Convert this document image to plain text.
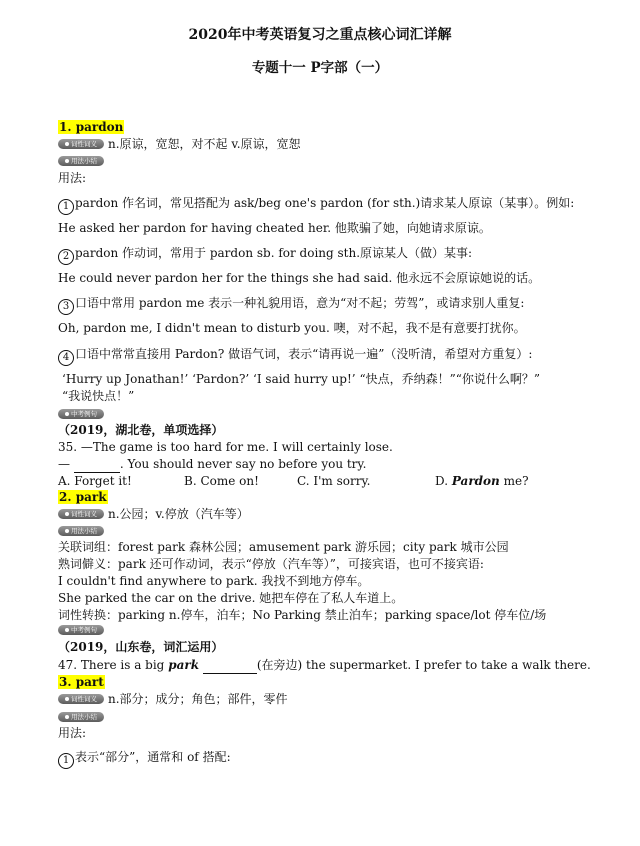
2020年中考英语复习之重点核心词汇详解
专题十一 P字部（一）
1. pardon
词性词义 n.原谅，宽恕，对不起 v.原谅，宽恕
用法小结
用法:
1 pardon 作名词，常见搭配为 ask/beg one's pardon (for sth.)请求某人原谅（某事）。例如:
He asked her pardon for having cheated her. 他欺骗了她，向她请求原谅。
2 pardon 作动词，常用于 pardon sb. for doing sth.原谅某人（做）某事:
He could never pardon her for the things she had said. 他永远不会原谅她说的话。
3 口语中常用 pardon me 表示一种礼貌用语，意为“对不起；劳驾”，或请求别人重复:
Oh, pardon me, I didn't mean to disturb you. 噢，对不起，我不是有意要打扰你。
4 口语中常常直接用 Pardon? 做语气词，表示“请再说一遍”（没听清，希望对方重复）:
‘Hurry up Jonathan!’ ‘Pardon?’ ‘I said hurry up!’ “快点，乔纳森！”“你说什么啊？”
“我说快点！”
中考例句
（2019，湖北卷，单项选择）
35. —The game is too hard for me. I will certainly lose.
—	. You should never say no before you try.
A. Forget it!	B. Come on!	C. I'm sorry.	D. Pardon me?
2. park
词性词义 n.公园；v.停放（汽车等）
用法小结
关联词组：forest park 森林公园；amusement park 游乐园；city park 城市公园
熟词僻义：park 还可作动词，表示“停放（汽车等）”，可接宾语，也可不接宾语:
I couldn't find anywhere to park. 我找不到地方停车。
She parked the car on the drive. 她把车停在了私人车道上。
词性转换：parking n.停车，泊车；No Parking 禁止泊车；parking space/lot 停车位/场
中考例句
（2019，山东卷，词汇运用）
47. There is a big park	(在旁边) the supermarket. I prefer to take a walk there.
3. part
词性词义 n.部分；成分；角色；部件，零件
用法小结
用法:
1 表示“部分”，通常和 of 搭配:
